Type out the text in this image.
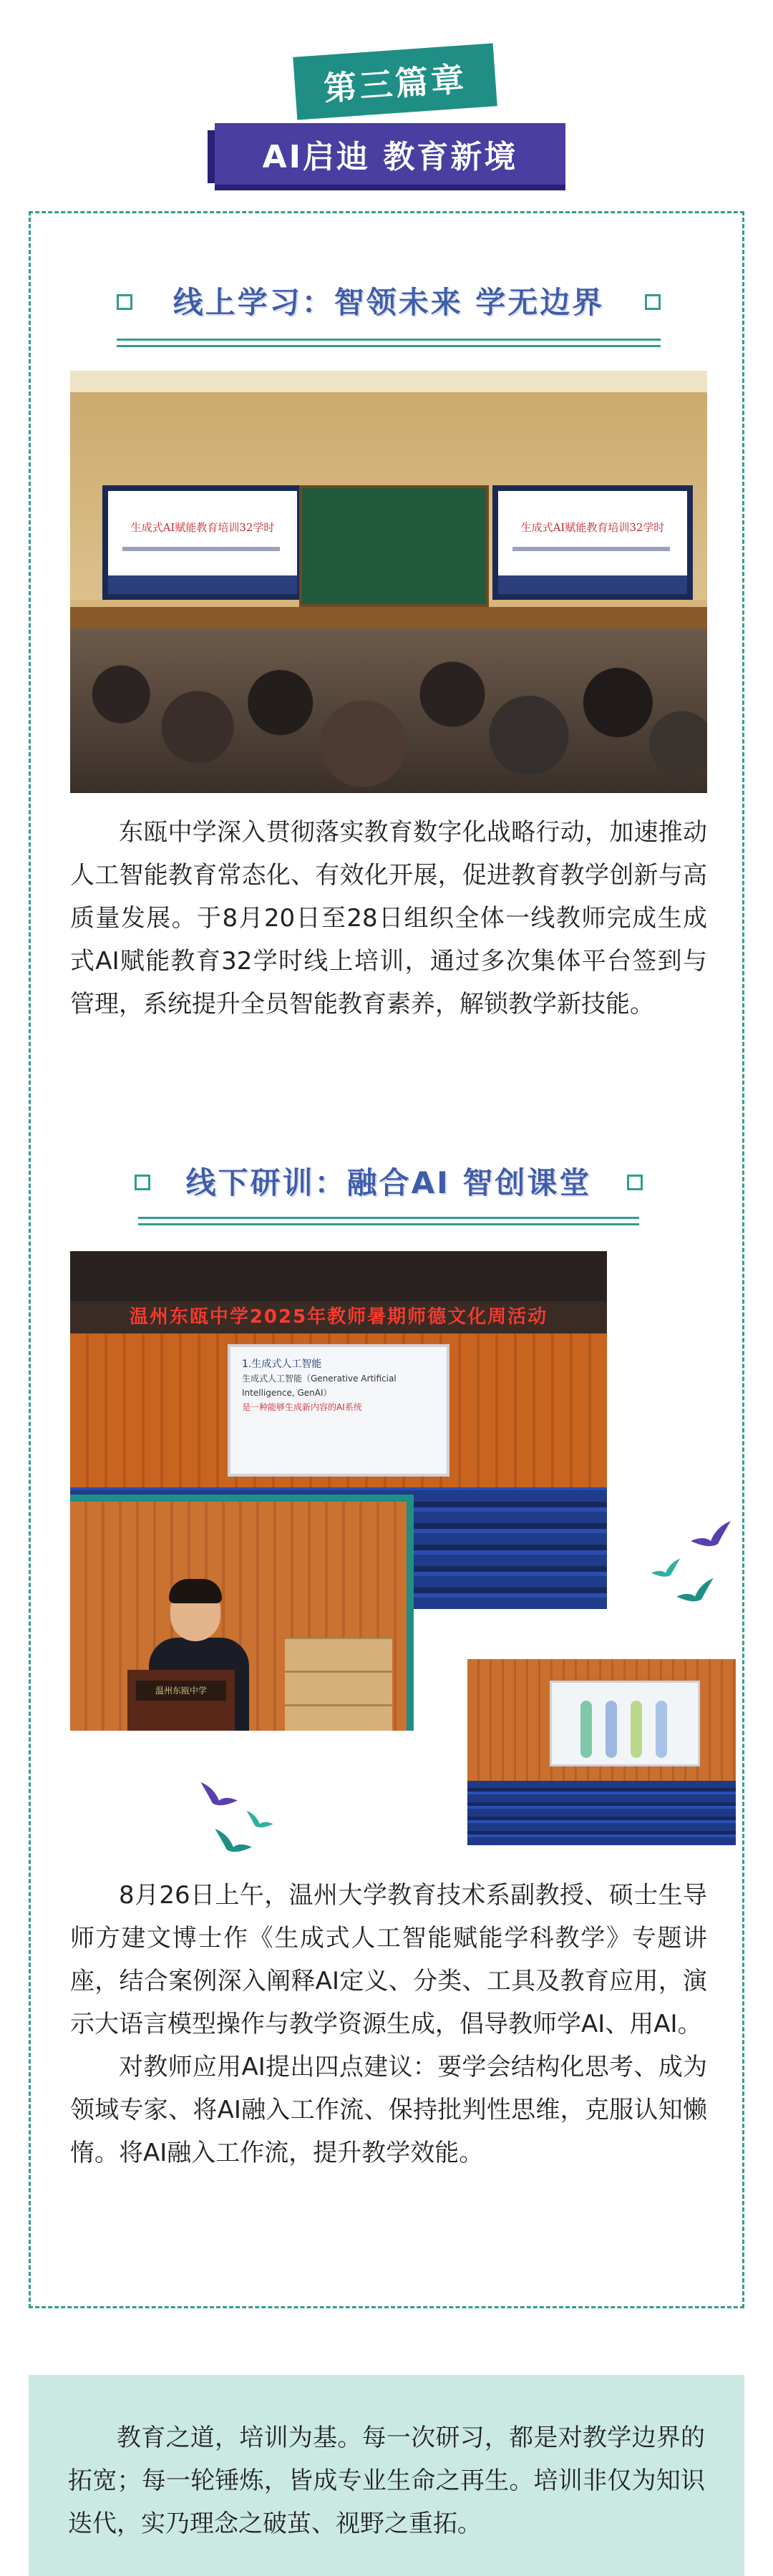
第三篇章
AI启迪 教育新境
线上学习：智领未来 学无边界
生成式AI赋能教育培训32学时	生成式AI赋能教育培训32学时

东瓯中学深入贯彻落实教育数字化战略行动，加速推动人工智能教育常态化、有效化开展，促进教育教学创新与高质量发展。于8月20日至28日组织全体一线教师完成生成式AI赋能教育32学时线上培训，通过多次集体平台签到与管理，系统提升全员智能教育素养，解锁教学新技能。

线下研训：融合AI 智创课堂
温州东瓯中学2025年教师暑期师德文化周活动
1.生成式人工智能
生成式人工智能（Generative Artificial Intelligence, GenAI）
是一种能够生成新内容的AI系统
温州东瓯中学

8月26日上午，温州大学教育技术系副教授、硕士生导师方建文博士作《生成式人工智能赋能学科教学》专题讲座，结合案例深入阐释AI定义、分类、工具及教育应用，演示大语言模型操作与教学资源生成，倡导教师学AI、用AI。

对教师应用AI提出四点建议：要学会结构化思考、成为领域专家、将AI融入工作流、保持批判性思维，克服认知懒惰。将AI融入工作流，提升教学效能。

教育之道，培训为基。每一次研习，都是对教学边界的拓宽；每一轮锤炼，皆成专业生命之再生。培训非仅为知识迭代，实乃理念之破茧、视野之重拓。
